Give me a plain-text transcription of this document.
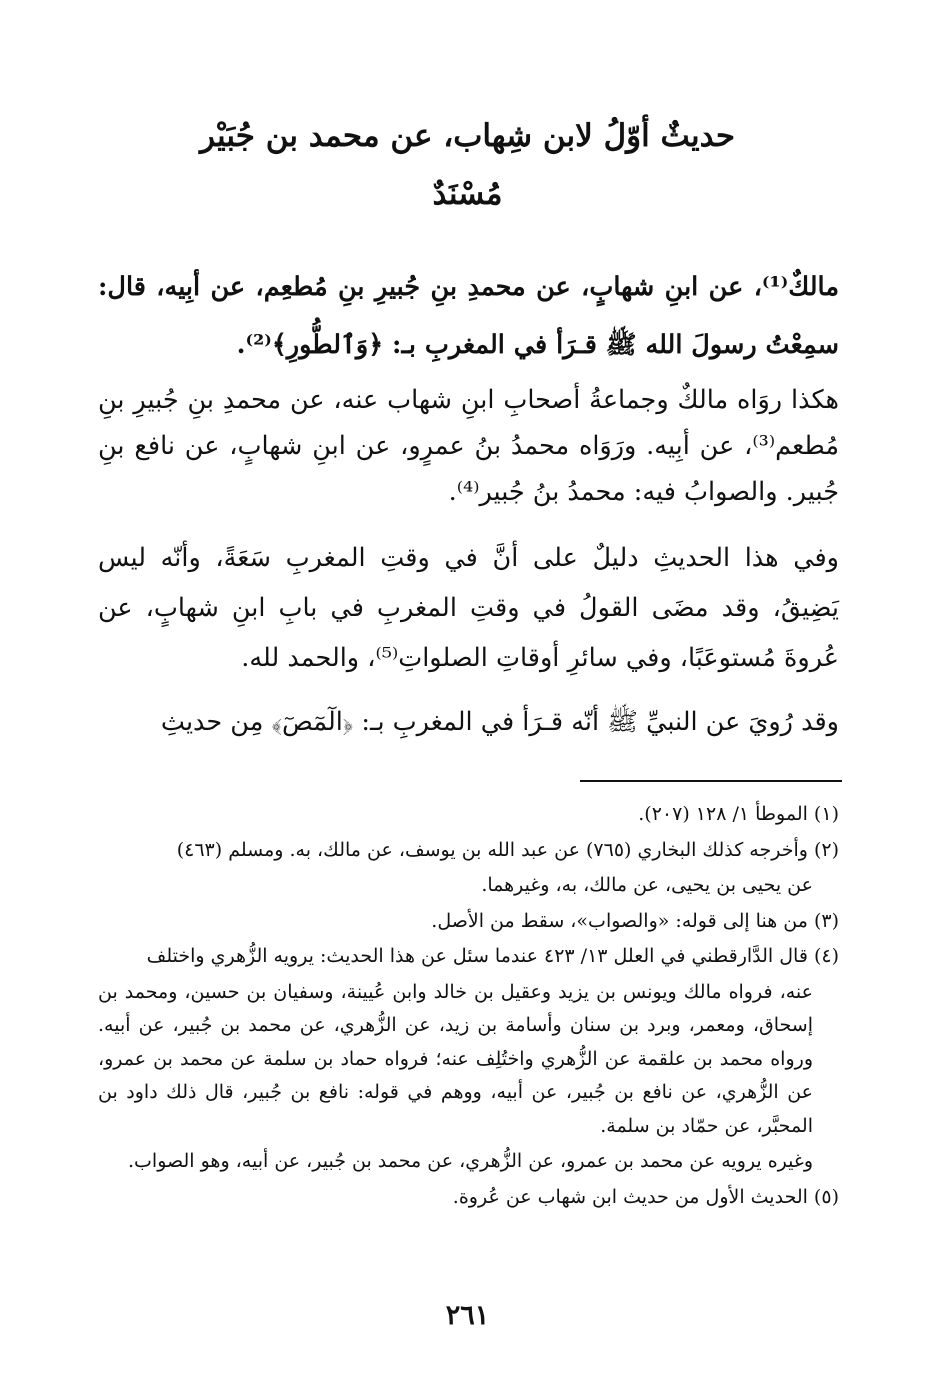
حديثٌ أوّلُ لابن شِهاب، عن محمد بن جُبَيْر
مُسْنَدٌ

مالكٌ⁽¹⁾، عن ابنِ شهابٍ، عن محمدِ بنِ جُبيرِ بنِ مُطعِم، عن أبِيه، قال: سمِعْتُ رسولَ الله ﷺ قـرَأ في المغربِ بـ: ﴿وَٱلطُّورِ﴾⁽²⁾.

هكذا روَاه مالكٌ وجماعةُ أصحابِ ابنِ شهاب عنه، عن محمدِ بنِ جُبيرِ بنِ مُطعم⁽³⁾، عن أبِيه. ورَوَاه محمدُ بنُ عمرٍو، عن ابنِ شهابٍ، عن نافع بنِ جُبير. والصوابُ فيه: محمدُ بنُ جُبير⁽⁴⁾.

وفي هذا الحديثِ دليلٌ على أنَّ في وقتِ المغربِ سَعَةً، وأنّه ليس يَضِيقُ، وقد مضَى القولُ في وقتِ المغربِ في بابِ ابنِ شهابٍ، عن عُروةَ مُستوعَبًا، وفي سائرِ أوقاتِ الصلواتِ⁽⁵⁾، والحمد لله.

وقد رُويَ عن النبيِّ ﷺ أنّه قـرَأ في المغربِ بـ: ﴿الٓمٓصٓ﴾ مِن حديثِ

(١) الموطأ ١/ ١٢٨ (٢٠٧).

(٢) وأخرجه كذلك البخاري (٧٦٥) عن عبد الله بن يوسف، عن مالك، به. ومسلم (٤٦٣)

عن يحيى بن يحيى، عن مالك، به، وغيرهما.

(٣) من هنا إلى قوله: «والصواب»، سقط من الأصل.

(٤) قال الدَّارقطني في العلل ١٣/ ٤٢٣ عندما سئل عن هذا الحديث: يرويه الزُّهري واختلف

عنه، فرواه مالك ويونس بن يزيد وعقيل بن خالد وابن عُيينة، وسفيان بن حسين، ومحمد بن إسحاق، ومعمر، وبرد بن سنان وأسامة بن زيد، عن الزُّهري، عن محمد بن جُبير، عن أبيه. ورواه محمد بن علقمة عن الزُّهري واختُلِف عنه؛ فرواه حماد بن سلمة عن محمد بن عمرو، عن الزُّهري، عن نافع بن جُبير، عن أبيه، ووهم في قوله: نافع بن جُبير، قال ذلك داود بن المحبَّر، عن حمّاد بن سلمة.

وغيره يرويه عن محمد بن عمرو، عن الزُّهري، عن محمد بن جُبير، عن أبيه، وهو الصواب.

(٥) الحديث الأول من حديث ابن شهاب عن عُروة.

٢٦١
